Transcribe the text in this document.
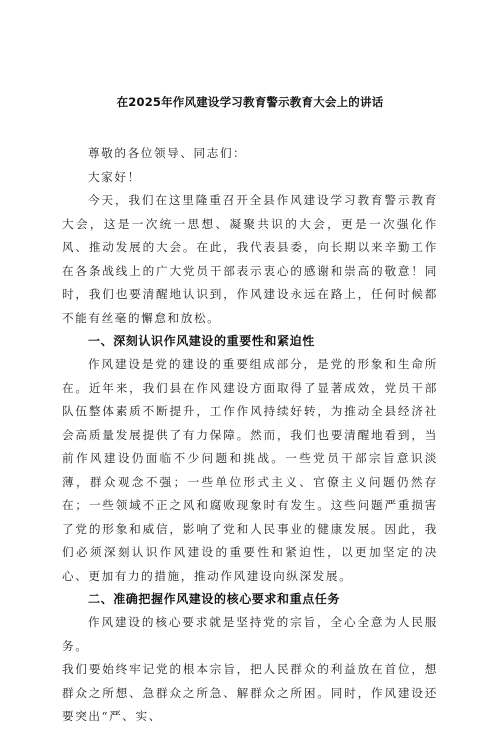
在2025年作风建设学习教育警示教育大会上的讲话

尊敬的各位领导、同志们：

大家好！

今天，我们在这里隆重召开全县作风建设学习教育警示教育大会，这是一次统一思想、凝聚共识的大会，更是一次强化作风、推动发展的大会。在此，我代表县委，向长期以来辛勤工作在各条战线上的广大党员干部表示衷心的感谢和崇高的敬意！同时，我们也要清醒地认识到，作风建设永远在路上，任何时候都不能有丝毫的懈怠和放松。

一、深刻认识作风建设的重要性和紧迫性

作风建设是党的建设的重要组成部分，是党的形象和生命所在。近年来，我们县在作风建设方面取得了显著成效，党员干部队伍整体素质不断提升，工作作风持续好转，为推动全县经济社会高质量发展提供了有力保障。然而，我们也要清醒地看到，当前作风建设仍面临不少问题和挑战。一些党员干部宗旨意识淡薄，群众观念不强；一些单位形式主义、官僚主义问题仍然存在；一些领域不正之风和腐败现象时有发生。这些问题严重损害了党的形象和威信，影响了党和人民事业的健康发展。因此，我们必须深刻认识作风建设的重要性和紧迫性，以更加坚定的决心、更加有力的措施，推动作风建设向纵深发展。

二、准确把握作风建设的核心要求和重点任务

作风建设的核心要求就是坚持党的宗旨，全心全意为人民服务。

我们要始终牢记党的根本宗旨，把人民群众的利益放在首位，想群众之所想、急群众之所急、解群众之所困。同时，作风建设还要突出“严、实、
